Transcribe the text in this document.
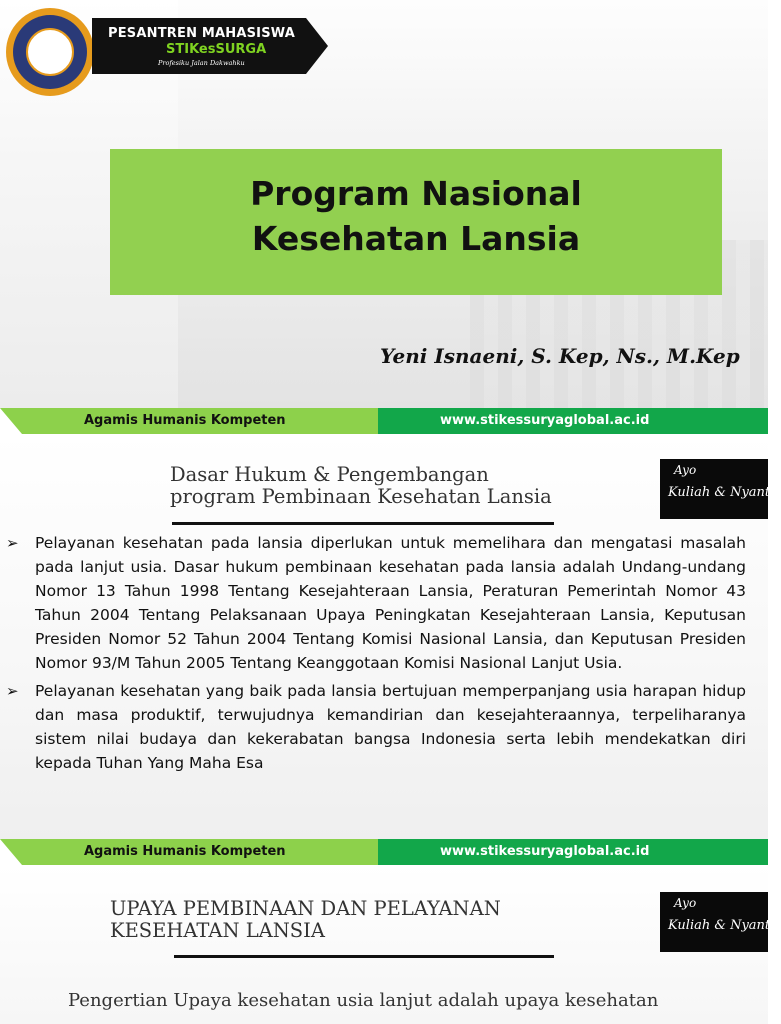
PESANTREN MAHASISWA
STIKesSURGA
Profesiku Jalan Dakwahku
Program Nasional
Kesehatan Lansia
Yeni Isnaeni, S. Kep, Ns., M.Kep
Agamis Humanis Kompeten	www.stikessuryaglobal.ac.id
Dasar Hukum & Pengembangan
program Pembinaan Kesehatan Lansia
Ayo
Kuliah & Nyantri
➢ Pelayanan kesehatan pada lansia diperlukan untuk memelihara dan mengatasi masalah pada lanjut usia. Dasar hukum pembinaan kesehatan pada lansia adalah Undang-undang Nomor 13 Tahun 1998 Tentang Kesejahteraan Lansia, Peraturan Pemerintah Nomor 43 Tahun 2004 Tentang Pelaksanaan Upaya Peningkatan Kesejahteraan Lansia, Keputusan Presiden Nomor 52 Tahun 2004 Tentang Komisi Nasional Lansia, dan Keputusan Presiden Nomor 93/M Tahun 2005 Tentang Keanggotaan Komisi Nasional Lanjut Usia.
➢ Pelayanan kesehatan yang baik pada lansia bertujuan memperpanjang usia harapan hidup dan masa produktif, terwujudnya kemandirian dan kesejahteraannya, terpeliharanya sistem nilai budaya dan kekerabatan bangsa Indonesia serta lebih mendekatkan diri kepada Tuhan Yang Maha Esa
Agamis Humanis Kompeten	www.stikessuryaglobal.ac.id
UPAYA PEMBINAAN DAN PELAYANAN
KESEHATAN LANSIA
Ayo
Kuliah & Nyantri
Pengertian Upaya kesehatan usia lanjut adalah upaya kesehatan
